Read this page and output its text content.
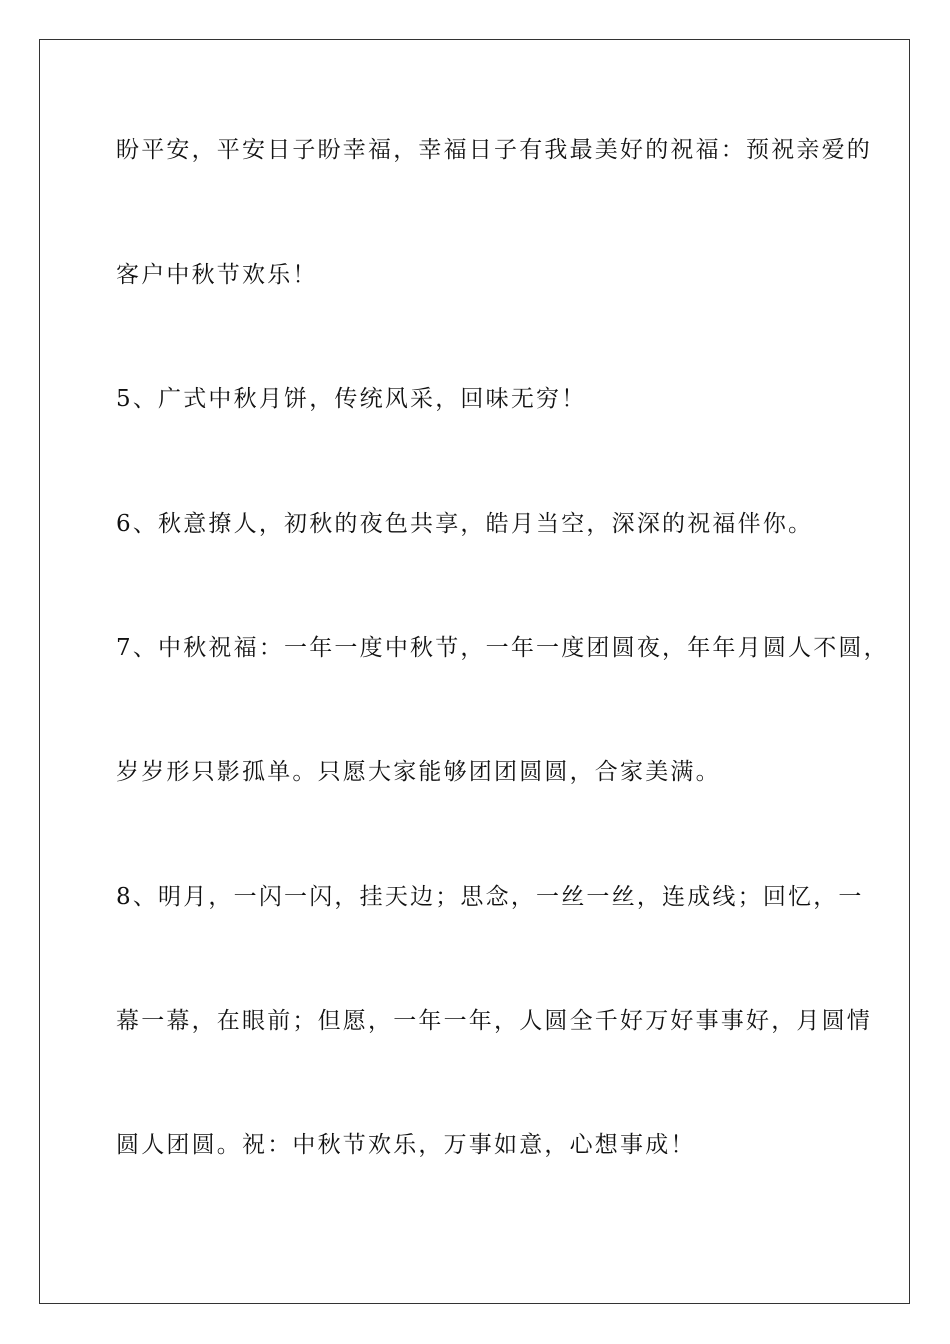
盼平安，平安日子盼幸福，幸福日子有我最美好的祝福：预祝亲爱的
客户中秋节欢乐！
5、广式中秋月饼，传统风采，回味无穷！
6、秋意撩人，初秋的夜色共享，皓月当空，深深的祝福伴你。
7、中秋祝福：一年一度中秋节，一年一度团圆夜，年年月圆人不圆，
岁岁形只影孤单。只愿大家能够团团圆圆，合家美满。
8、明月，一闪一闪，挂天边；思念，一丝一丝，连成线；回忆，一
幕一幕，在眼前；但愿，一年一年，人圆全千好万好事事好，月圆情
圆人团圆。祝：中秋节欢乐，万事如意，心想事成！
